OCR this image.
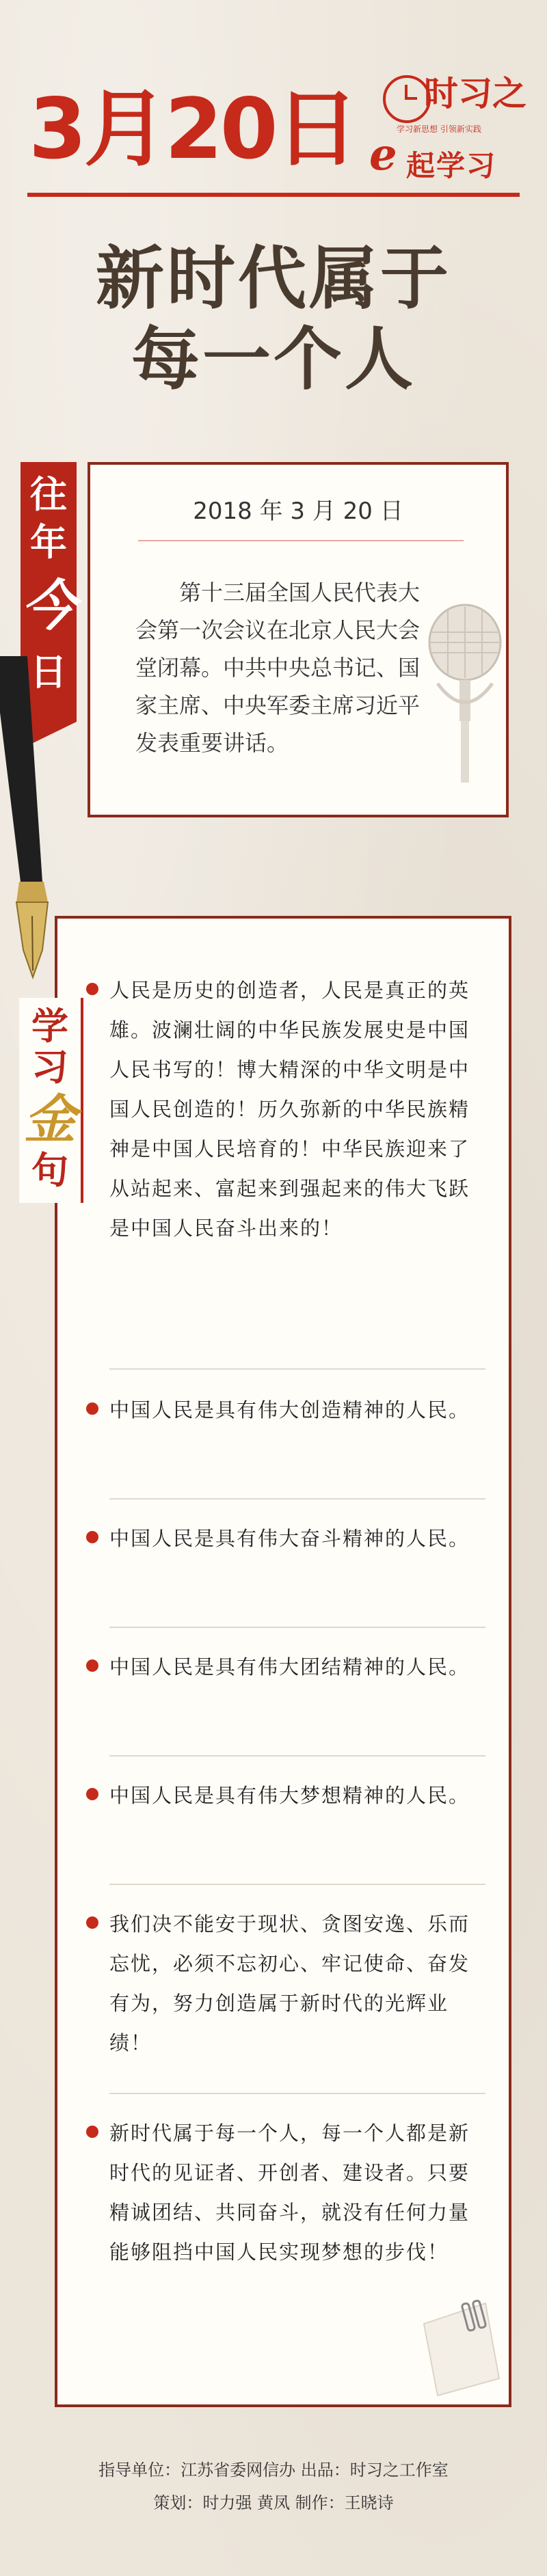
3月20日 时习之
学习新思想 引领新实践
e 起学习
新时代属于
每一个人
2018 年 3 月 20 日
第十三届全国人民代表大会第一次会议在北京人民大会堂闭幕。中共中央总书记、国家主席、中央军委主席习近平发表重要讲话。
往
年
今
日
学
习
金
句
人民是历史的创造者，人民是真正的英雄。波澜壮阔的中华民族发展史是中国人民书写的！博大精深的中华文明是中国人民创造的！历久弥新的中华民族精神是中国人民培育的！中华民族迎来了从站起来、富起来到强起来的伟大飞跃是中国人民奋斗出来的！
中国人民是具有伟大创造精神的人民。
中国人民是具有伟大奋斗精神的人民。
中国人民是具有伟大团结精神的人民。
中国人民是具有伟大梦想精神的人民。
我们决不能安于现状、贪图安逸、乐而忘忧，必须不忘初心、牢记使命、奋发有为，努力创造属于新时代的光辉业绩！
新时代属于每一个人，每一个人都是新时代的见证者、开创者、建设者。只要精诚团结、共同奋斗，就没有任何力量能够阻挡中国人民实现梦想的步伐！
指导单位：江苏省委网信办 出品：时习之工作室
策划：时力强 黄凤 制作：王晓诗
